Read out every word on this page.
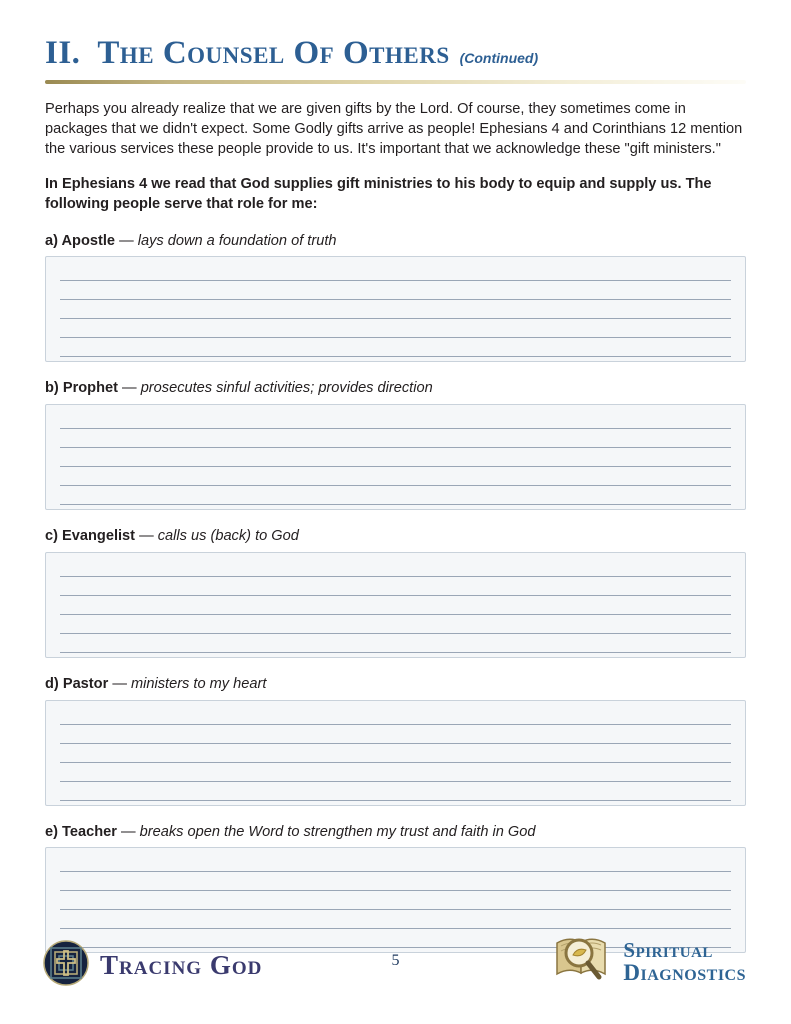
II. The Counsel Of Others (Continued)

Perhaps you already realize that we are given gifts by the Lord. Of course, they sometimes come in packages that we didn't expect. Some Godly gifts arrive as people! Ephesians 4 and Corinthians 12 mention the various services these people provide to us. It's important that we acknowledge these "gift ministers."

In Ephesians 4 we read that God supplies gift ministries to his body to equip and supply us. The following people serve that role for me:

a) Apostle — lays down a foundation of truth

b) Prophet — prosecutes sinful activities; provides direction

c) Evangelist — calls us (back) to God

d) Pastor — ministers to my heart

e) Teacher — breaks open the Word to strengthen my trust and faith in God

Tracing God	5	Spiritual
Diagnostics
